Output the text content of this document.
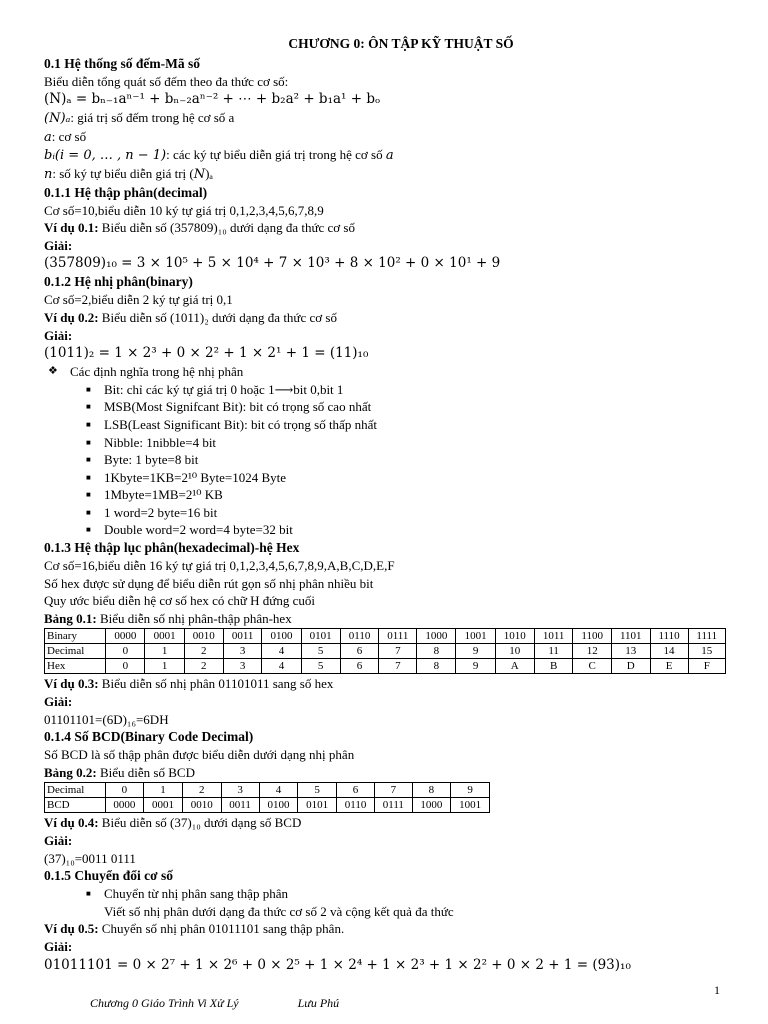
CHƯƠNG 0: ÔN TẬP KỸ THUẬT SỐ
0.1 Hệ thống số đếm-Mã số

Biểu diễn tổng quát số đếm theo đa thức cơ số:

(N)ₐ = bₙ₋₁aⁿ⁻¹ + bₙ₋₂aⁿ⁻² + ⋯ + b₂a² + b₁a¹ + bₒ

(N)ₐ: giá trị số đếm trong hệ cơ số a

a: cơ số

bᵢ(i = 0, … , n − 1): các ký tự biểu diễn giá trị trong hệ cơ số 𝑎

n: số ký tự biểu diễn giá trị (𝑁)ₐ

0.1.1 Hệ thập phân(decimal)

Cơ số=10,biểu diễn 10 ký tự giá trị 0,1,2,3,4,5,6,7,8,9

Ví dụ 0.1: Biểu diễn số (357809)₁₀ dưới dạng đa thức cơ số

Giải:

(357809)₁₀ = 3 × 10⁵ + 5 × 10⁴ + 7 × 10³ + 8 × 10² + 0 × 10¹ + 9

0.1.2 Hệ nhị phân(binary)

Cơ số=2,biểu diễn 2 ký tự giá trị 0,1

Ví dụ 0.2: Biểu diễn số (1011)₂ dưới dạng đa thức cơ số

Giải:

(1011)₂ = 1 × 2³ + 0 × 2² + 1 × 2¹ + 1 = (11)₁₀

❖ Các định nghĩa trong hệ nhị phân

■ Bit: chỉ các ký tự giá trị 0 hoặc 1⟶bit 0,bit 1
■ MSB(Most Signifcant Bit): bit có trọng số cao nhất
■ LSB(Least Significant Bit): bit có trọng số thấp nhất
■ Nibble: 1nibble=4 bit
■ Byte: 1 byte=8 bit
■ 1Kbyte=1KB=2¹⁰ Byte=1024 Byte
■ 1Mbyte=1MB=2¹⁰ KB
■ 1 word=2 byte=16 bit
■ Double word=2 word=4 byte=32 bit
0.1.3 Hệ thập lục phân(hexadecimal)-hệ Hex

Cơ số=16,biểu diễn 16 ký tự giá trị 0,1,2,3,4,5,6,7,8,9,A,B,C,D,E,F

Số hex được sử dụng để biểu diễn rút gọn số nhị phân nhiều bit

Quy ước biểu diễn hệ cơ số hex có chữ H đứng cuối

Bảng 0.1: Biểu diễn số nhị phân-thập phân-hex

Binary	0000	0001	0010	0011	0100	0101	0110	0111	1000	1001	1010	1011	1100	1101	1110	1111
Decimal	0	1	2	3	4	5	6	7	8	9	10	11	12	13	14	15
Hex	0	1	2	3	4	5	6	7	8	9	A	B	C	D	E	F

Ví dụ 0.3: Biểu diễn số nhị phân 01101011 sang số hex

Giải:

01101101=(6D)₁₆=6DH

0.1.4 Số BCD(Binary Code Decimal)

Số BCD là số thập phân được biểu diễn dưới dạng nhị phân

Bảng 0.2: Biểu diễn số BCD

Decimal	0	1	2	3	4	5	6	7	8	9
BCD	0000	0001	0010	0011	0100	0101	0110	0111	1000	1001

Ví dụ 0.4: Biểu diễn số (37)₁₀ dưới dạng số BCD

Giải:

(37)₁₀=0011 0111

0.1.5 Chuyển đổi cơ số
■ Chuyển từ nhị phân sang thập phân

Viết số nhị phân dưới dạng đa thức cơ số 2 và cộng kết quả đa thức

Ví dụ 0.5: Chuyển số nhị phân 01011101 sang thập phân.

Giải:

01011101 = 0 × 2⁷ + 1 × 2⁶ + 0 × 2⁵ + 1 × 2⁴ + 1 × 2³ + 1 × 2² + 0 × 2 + 1 = (93)₁₀

1
Chương 0 Giáo Trình Vi Xử Lý	Lưu Phú
